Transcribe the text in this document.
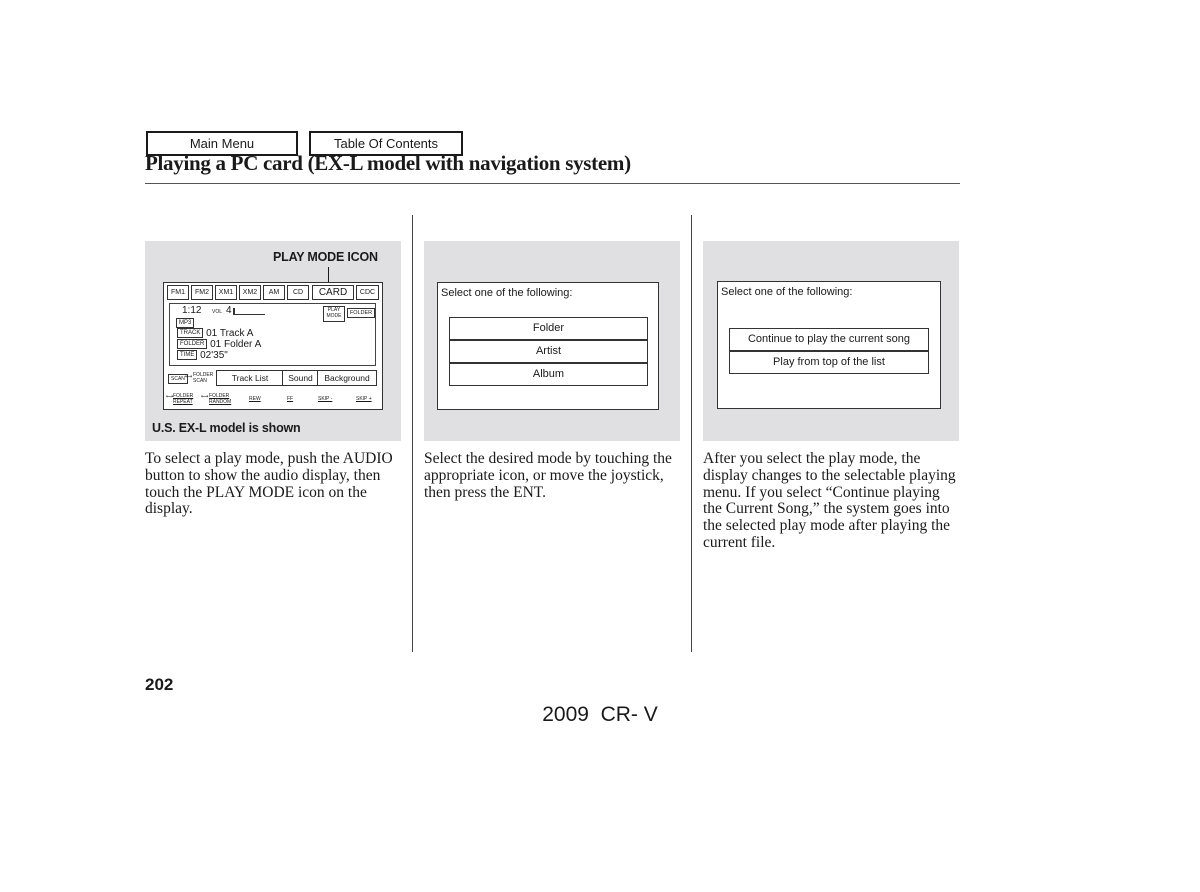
Main Menu	Table Of Contents
Playing a PC card (EX-L model with navigation system)
PLAY MODE ICON
FM1	FM2	XM1	XM2	AM	CD	CARD	CDC
1:12 VOL 4
MP3
PLAY MODE	FOLDER
TRACK 01 Track A
FOLDER 01 Folder A
TIME 02'35"
SCAN ⟷ FOLDER SCAN	Track List	Sound	Background
⟷ FOLDER REPEAT
⟷ FOLDER RANDOM	REW	FF	SKIP -	SKIP +
U.S. EX-L model is shown
Select one of the following:
Folder
Artist
Album
Select one of the following:
Continue to play the current song
Play from top of the list

To select a play mode, push the AUDIO button to show the audio display, then touch the PLAY MODE icon on the display.

Select the desired mode by touching the appropriate icon, or move the joystick, then press the ENT.

After you select the play mode, the display changes to the selectable playing menu. If you select “Continue playing the Current Song,” the system goes into the selected play mode after playing the current file.

202
2009  CR- V
